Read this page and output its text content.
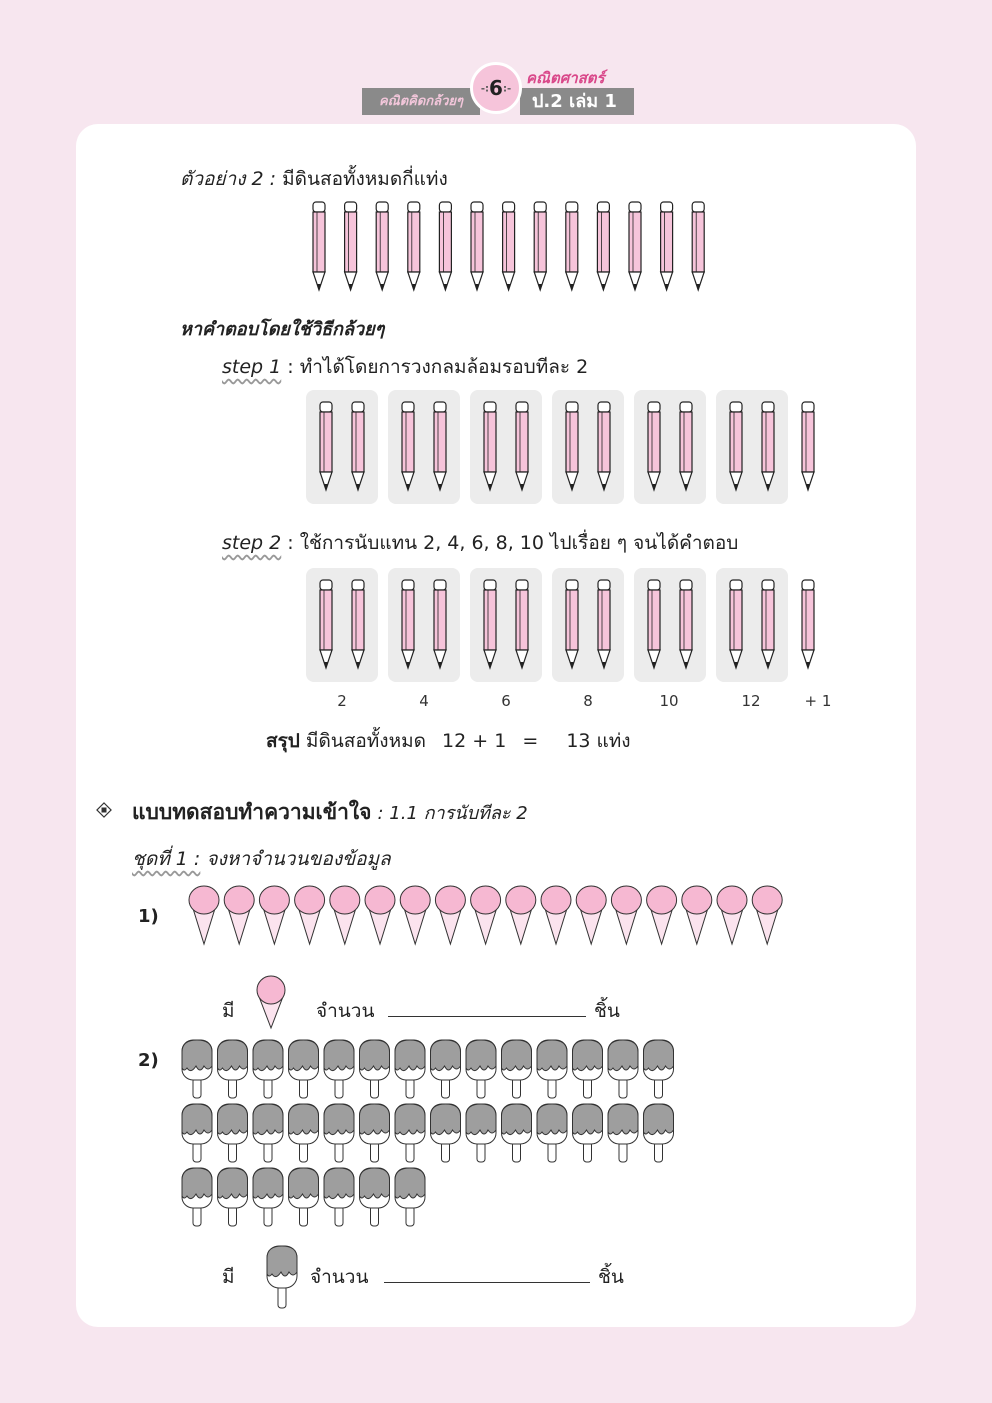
คณิตคิดกล้วยๆ	ป.2 เล่ม 1
คณิตศาสตร์
-:6:-
ตัวอย่าง 2 : มีดินสอทั้งหมดกี่แท่ง
หาคำตอบโดยใช้วิธีกล้วยๆ
step 1 : ทำได้โดยการวงกลมล้อมรอบทีละ 2
step 2 : ใช้การนับแทน 2, 4, 6, 8, 10 ไปเรื่อย ๆ จนได้คำตอบ
2	4	6	8	10	12	+ 1
สรุป มีดินสอทั้งหมด 12 + 1 = 13 แท่ง
แบบทดสอบทำความเข้าใจ : 1.1 การนับทีละ 2
ชุดที่ 1 : จงหาจำนวนของข้อมูล
1)
มี	จำนวน	ชิ้น
2)
มี	จำนวน	ชิ้น
